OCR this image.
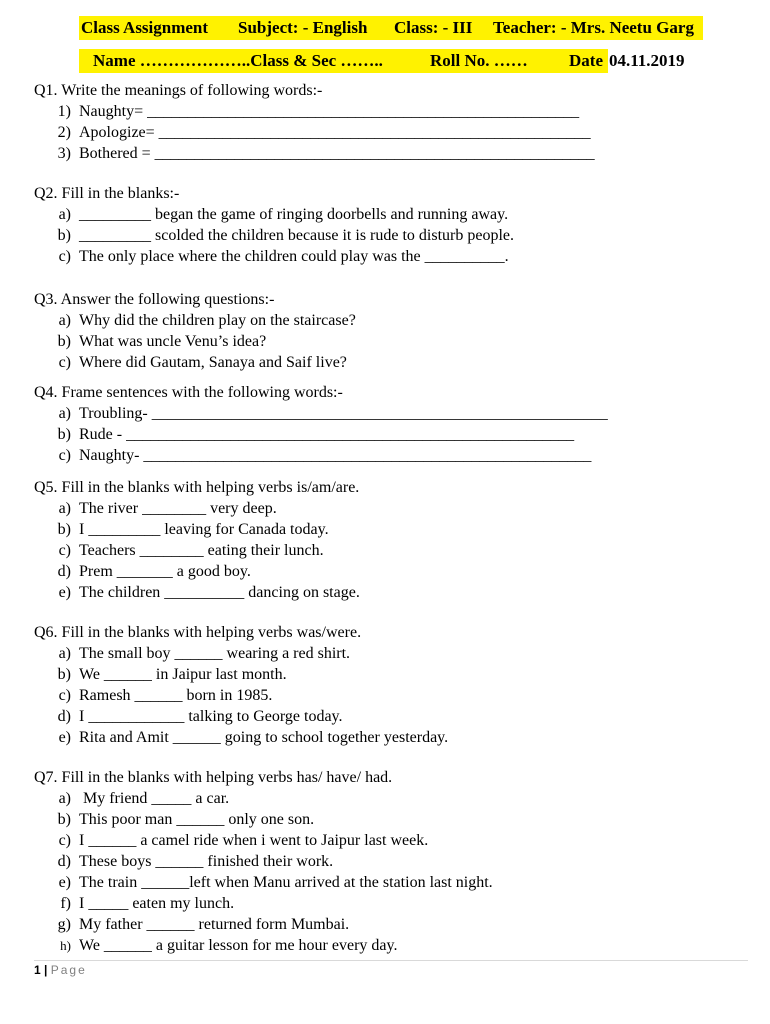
Class Assignment Subject: - English Class: - III Teacher: - Mrs. Neetu Garg
Name ………………..Class & Sec ……..	Roll No. …… Date 04.11.2019
Q1. Write the meanings of following words:-
1) Naughty= ______________________________________________________
2) Apologize= ______________________________________________________
3) Bothered = _______________________________________________________
Q2. Fill in the blanks:-
a) _________ began the game of ringing doorbells and running away.
b) _________ scolded the children because it is rude to disturb people.
c) The only place where the children could play was the __________.
Q3. Answer the following questions:-
a) Why did the children play on the staircase?
b) What was uncle Venu’s idea?
c) Where did Gautam, Sanaya and Saif live?
Q4. Frame sentences with the following words:-
a) Troubling- _________________________________________________________
b) Rude - ________________________________________________________
c) Naughty- ________________________________________________________
Q5. Fill in the blanks with helping verbs is/am/are.
a) The river ________ very deep.
b) I _________ leaving for Canada today.
c) Teachers ________ eating their lunch.
d) Prem _______ a good boy.
e) The children __________ dancing on stage.
Q6. Fill in the blanks with helping verbs was/were.
a) The small boy ______ wearing a red shirt.
b) We ______ in Jaipur last month.
c) Ramesh ______ born in 1985.
d) I ____________ talking to George today.
e) Rita and Amit ______ going to school together yesterday.
Q7. Fill in the blanks with helping verbs has/ have/ had.
a) My friend _____ a car.
b) This poor man ______ only one son.
c) I ______ a camel ride when i went to Jaipur last week.
d) These boys ______ finished their work.
e) The train ______left when Manu arrived at the station last night.
f) I _____ eaten my lunch.
g) My father ______ returned form Mumbai.
h) We ______ a guitar lesson for me hour every day.
1 | Page
